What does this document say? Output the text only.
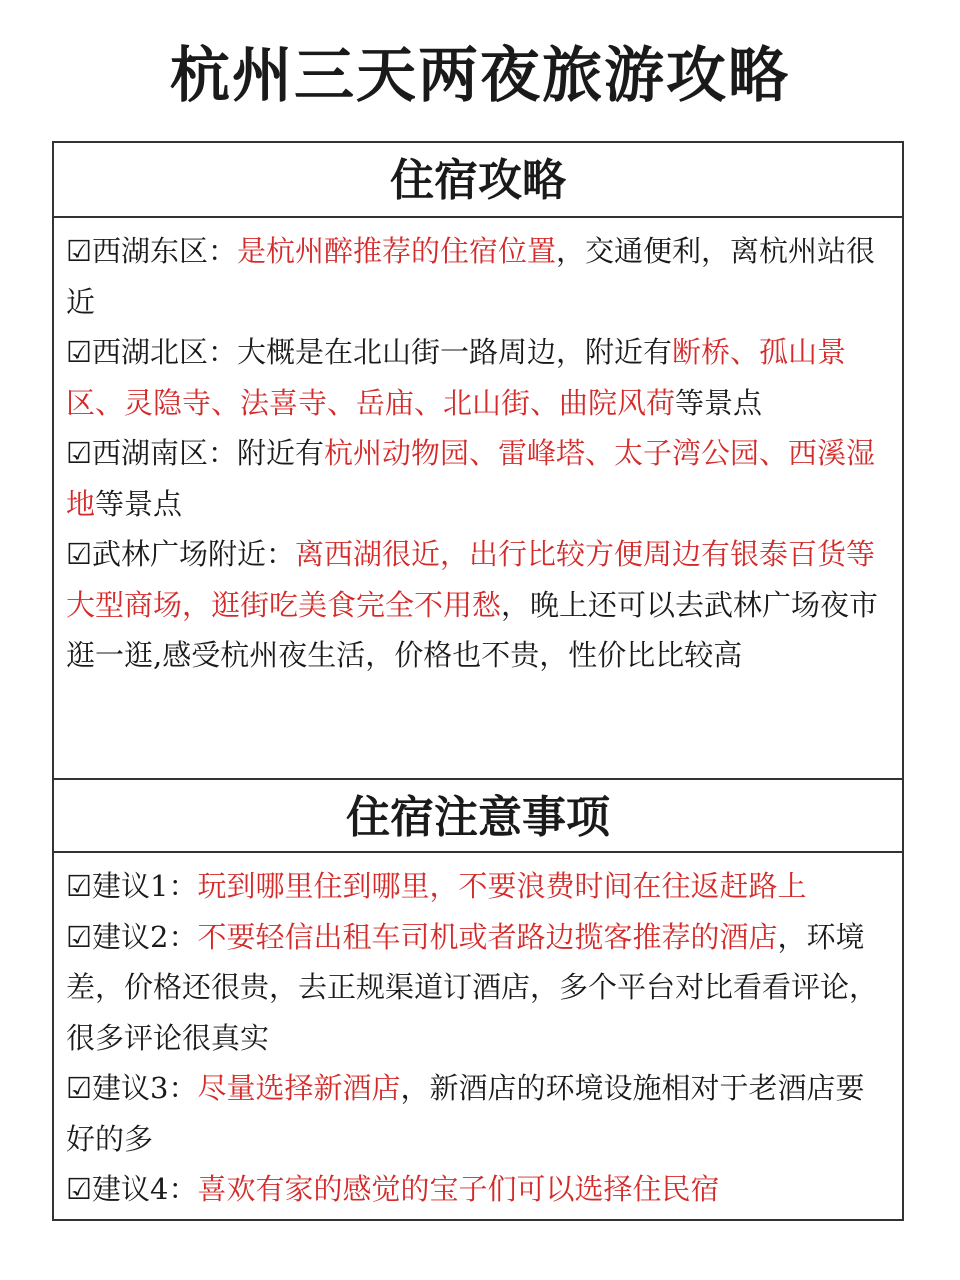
杭州三天两夜旅游攻略
住宿攻略

☑西湖东区：是杭州醉推荐的住宿位置，交通便利，离杭州站很近

☑西湖北区：大概是在北山街一路周边，附近有断桥、孤山景区、灵隐寺、法喜寺、岳庙、北山街、曲院风荷等景点

☑西湖南区：附近有杭州动物园、雷峰塔、太子湾公园、西溪湿地等景点

☑武林广场附近：离西湖很近，出行比较方便周边有银泰百货等大型商场，逛街吃美食完全不用愁，晚上还可以去武林广场夜市逛一逛,感受杭州夜生活，价格也不贵，性价比比较高

住宿注意事项

☑建议1：玩到哪里住到哪里，不要浪费时间在往返赶路上

☑建议2：不要轻信出租车司机或者路边揽客推荐的酒店，环境差，价格还很贵，去正规渠道订酒店，多个平台对比看看评论，很多评论很真实

☑建议3：尽量选择新酒店，新酒店的环境设施相对于老酒店要好的多

☑建议4：喜欢有家的感觉的宝子们可以选择住民宿
